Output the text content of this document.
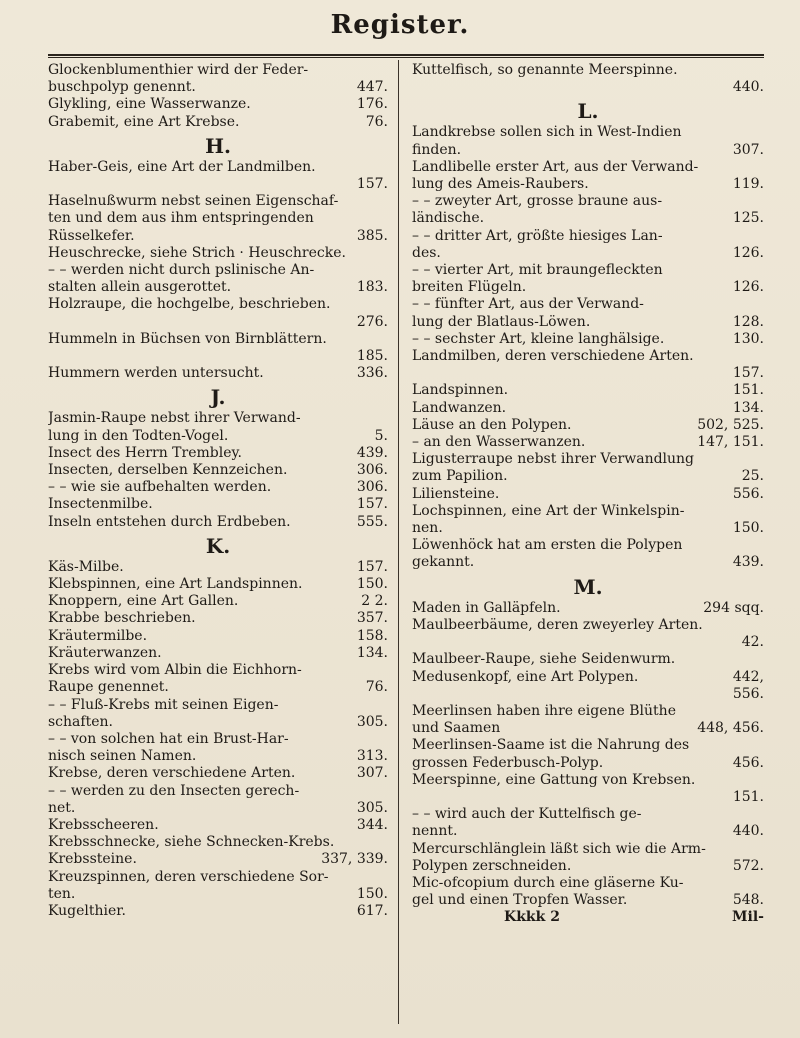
Register.
Glockenblumenthier wird der Feder-
buschpolyp genennt.	447.
Glykling, eine Wasserwanze.	176.
Grabemit, eine Art Krebse.	76.
H.
Haber-Geis, eine Art der Landmilben.
157.
Haselnußwurm nebst seinen Eigenschaf-
ten und dem aus ihm entspringenden
Rüsselkefer.	385.
Heuschrecke, siehe Strich · Heuschrecke.
– – werden nicht durch pslinische An-
stalten allein ausgerottet.	183.
Holzraupe, die hochgelbe, beschrieben.
276.
Hummeln in Büchsen von Birnblättern.
185.
Hummern werden untersucht.	336.
J.
Jasmin-Raupe nebst ihrer Verwand-
lung in den Todten-Vogel.	5.
Insect des Herrn Trembley.	439.
Insecten, derselben Kennzeichen.	306.
– – wie sie aufbehalten werden.	306.
Insectenmilbe.	157.
Inseln entstehen durch Erdbeben.	555.
K.
Käs-Milbe.	157.
Klebspinnen, eine Art Landspinnen.	150.
Knoppern, eine Art Gallen.	2 2.
Krabbe beschrieben.	357.
Kräutermilbe.	158.
Kräuterwanzen.	134.
Krebs wird vom Albin die Eichhorn-
Raupe genennet.	76.
– – Fluß-Krebs mit seinen Eigen-
schaften.	305.
– – von solchen hat ein Brust-Har-
nisch seinen Namen.	313.
Krebse, deren verschiedene Arten.	307.
– – werden zu den Insecten gerech-
net.	305.
Krebsscheeren.	344.
Krebsschnecke, siehe Schnecken-Krebs.
Krebssteine.	337, 339.
Kreuzspinnen, deren verschiedene Sor-
ten.	150.
Kugelthier.	617.
Kuttelfisch, so genannte Meerspinne.
440.
L.
Landkrebse sollen sich in West-Indien
finden.	307.
Landlibelle erster Art, aus der Verwand-
lung des Ameis-Raubers.	119.
– – zweyter Art, grosse braune aus-
ländische.	125.
– – dritter Art, größte hiesiges Lan-
des.	126.
– – vierter Art, mit braungefleckten
breiten Flügeln.	126.
– – fünfter Art, aus der Verwand-
lung der Blatlaus-Löwen.	128.
– – sechster Art, kleine langhälsige.	130.
Landmilben, deren verschiedene Arten.
157.
Landspinnen.	151.
Landwanzen.	134.
Läuse an den Polypen.	502, 525.
– an den Wasserwanzen.	147, 151.
Ligusterraupe nebst ihrer Verwandlung
zum Papilion.	25.
Liliensteine.	556.
Lochspinnen, eine Art der Winkelspin-
nen.	150.
Löwenhöck hat am ersten die Polypen
gekannt.	439.
M.
Maden in Galläpfeln.	294 sqq.
Maulbeerbäume, deren zweyerley Arten.
42.
Maulbeer-Raupe, siehe Seidenwurm.
Medusenkopf, eine Art Polypen.	442,
556.
Meerlinsen haben ihre eigene Blüthe
und Saamen	448, 456.
Meerlinsen-Saame ist die Nahrung des
grossen Federbusch-Polyp.	456.
Meerspinne, eine Gattung von Krebsen.
151.
– – wird auch der Kuttelfisch ge-
nennt.	440.
Mercurschlänglein läßt sich wie die Arm-
Polypen zerschneiden.	572.
Mic-ofcopium durch eine gläserne Ku-
gel und einen Tropfen Wasser.	548.
Kkkk 2	Mil-
